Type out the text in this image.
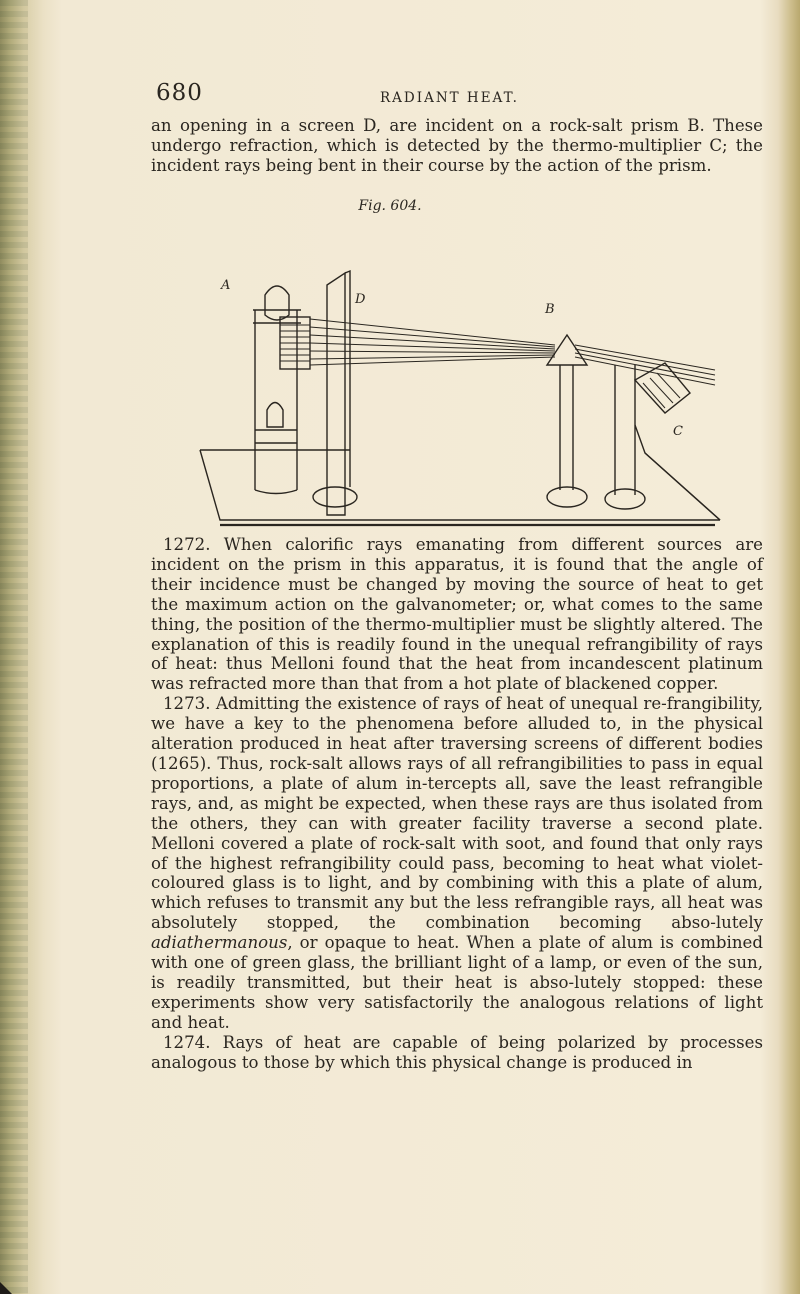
680	RADIANT HEAT.

an opening in a screen D, are incident on a rock-salt prism B. These undergo refraction, which is detected by the thermo-multiplier C; the incident rays being bent in their course by the action of the prism.

Fig. 604.
A
D
B
C

1272. When calorific rays emanating from different sources are incident on the prism in this apparatus, it is found that the angle of their incidence must be changed by moving the source of heat to get the maximum action on the galvanometer; or, what comes to the same thing, the position of the thermo-multiplier must be slightly altered. The explanation of this is readily found in the unequal refrangibility of rays of heat: thus Melloni found that the heat from incandescent platinum was refracted more than that from a hot plate of blackened copper.

1273. Admitting the existence of rays of heat of unequal re-frangibility, we have a key to the phenomena before alluded to, in the physical alteration produced in heat after traversing screens of different bodies (1265). Thus, rock-salt allows rays of all refrangibilities to pass in equal proportions, a plate of alum in-tercepts all, save the least refrangible rays, and, as might be expected, when these rays are thus isolated from the others, they can with greater facility traverse a second plate. Melloni covered a plate of rock-salt with soot, and found that only rays of the highest refrangibility could pass, becoming to heat what violet-coloured glass is to light, and by combining with this a plate of alum, which refuses to transmit any but the less refrangible rays, all heat was absolutely stopped, the combination becoming abso-lutely adiathermanous, or opaque to heat. When a plate of alum is combined with one of green glass, the brilliant light of a lamp, or even of the sun, is readily transmitted, but their heat is abso-lutely stopped: these experiments show very satisfactorily the analogous relations of light and heat.

1274. Rays of heat are capable of being polarized by processes analogous to those by which this physical change is produced in
